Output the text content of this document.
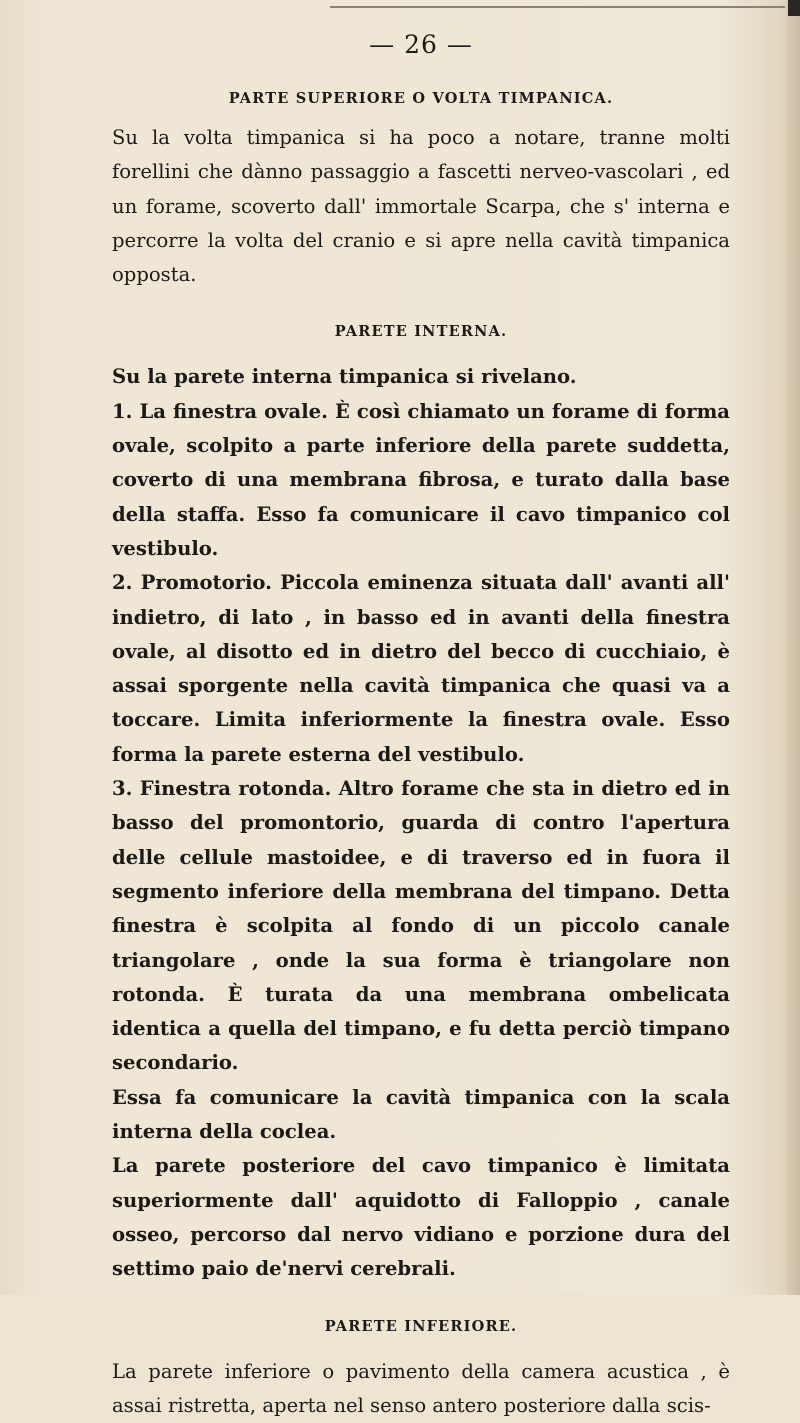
— 26 —
PARTE SUPERIORE O VOLTA TIMPANICA.

Su la volta timpanica si ha poco a notare, tranne molti forellini che dànno passaggio a fascetti nerveo-vascolari , ed un forame, scoverto dall' immortale Scarpa, che s' interna e percorre la volta del cranio e si apre nella cavità timpanica opposta.

PARETE INTERNA.

Su la parete interna timpanica si rivelano.

1. La finestra ovale. È così chiamato un forame di forma ovale, scolpito a parte inferiore della parete suddetta, coverto di una membrana fibrosa, e turato dalla base della staffa. Esso fa comunicare il cavo timpanico col vestibulo.

2. Promotorio. Piccola eminenza situata dall' avanti all' indietro, di lato , in basso ed in avanti della finestra ovale, al disotto ed in dietro del becco di cucchiaio, è assai sporgente nella cavità timpanica che quasi va a toccare. Limita inferiormente la finestra ovale. Esso forma la parete esterna del vestibulo.

3. Finestra rotonda. Altro forame che sta in dietro ed in basso del promontorio, guarda di contro l'apertura delle cellule mastoidee, e di traverso ed in fuora il segmento inferiore della membrana del timpano. Detta finestra è scolpita al fondo di un piccolo canale triangolare , onde la sua forma è triangolare non rotonda. È turata da una membrana ombelicata identica a quella del timpano, e fu detta perciò timpano secondario.

Essa fa comunicare la cavità timpanica con la scala interna della coclea.

La parete posteriore del cavo timpanico è limitata superiormente dall' aquidotto di Falloppio , canale osseo, percorso dal nervo vidiano e porzione dura del settimo paio de'nervi cerebrali.

PARETE INFERIORE.

La parete inferiore o pavimento della camera acustica , è assai ristretta, aperta nel senso antero posteriore dalla scis-
